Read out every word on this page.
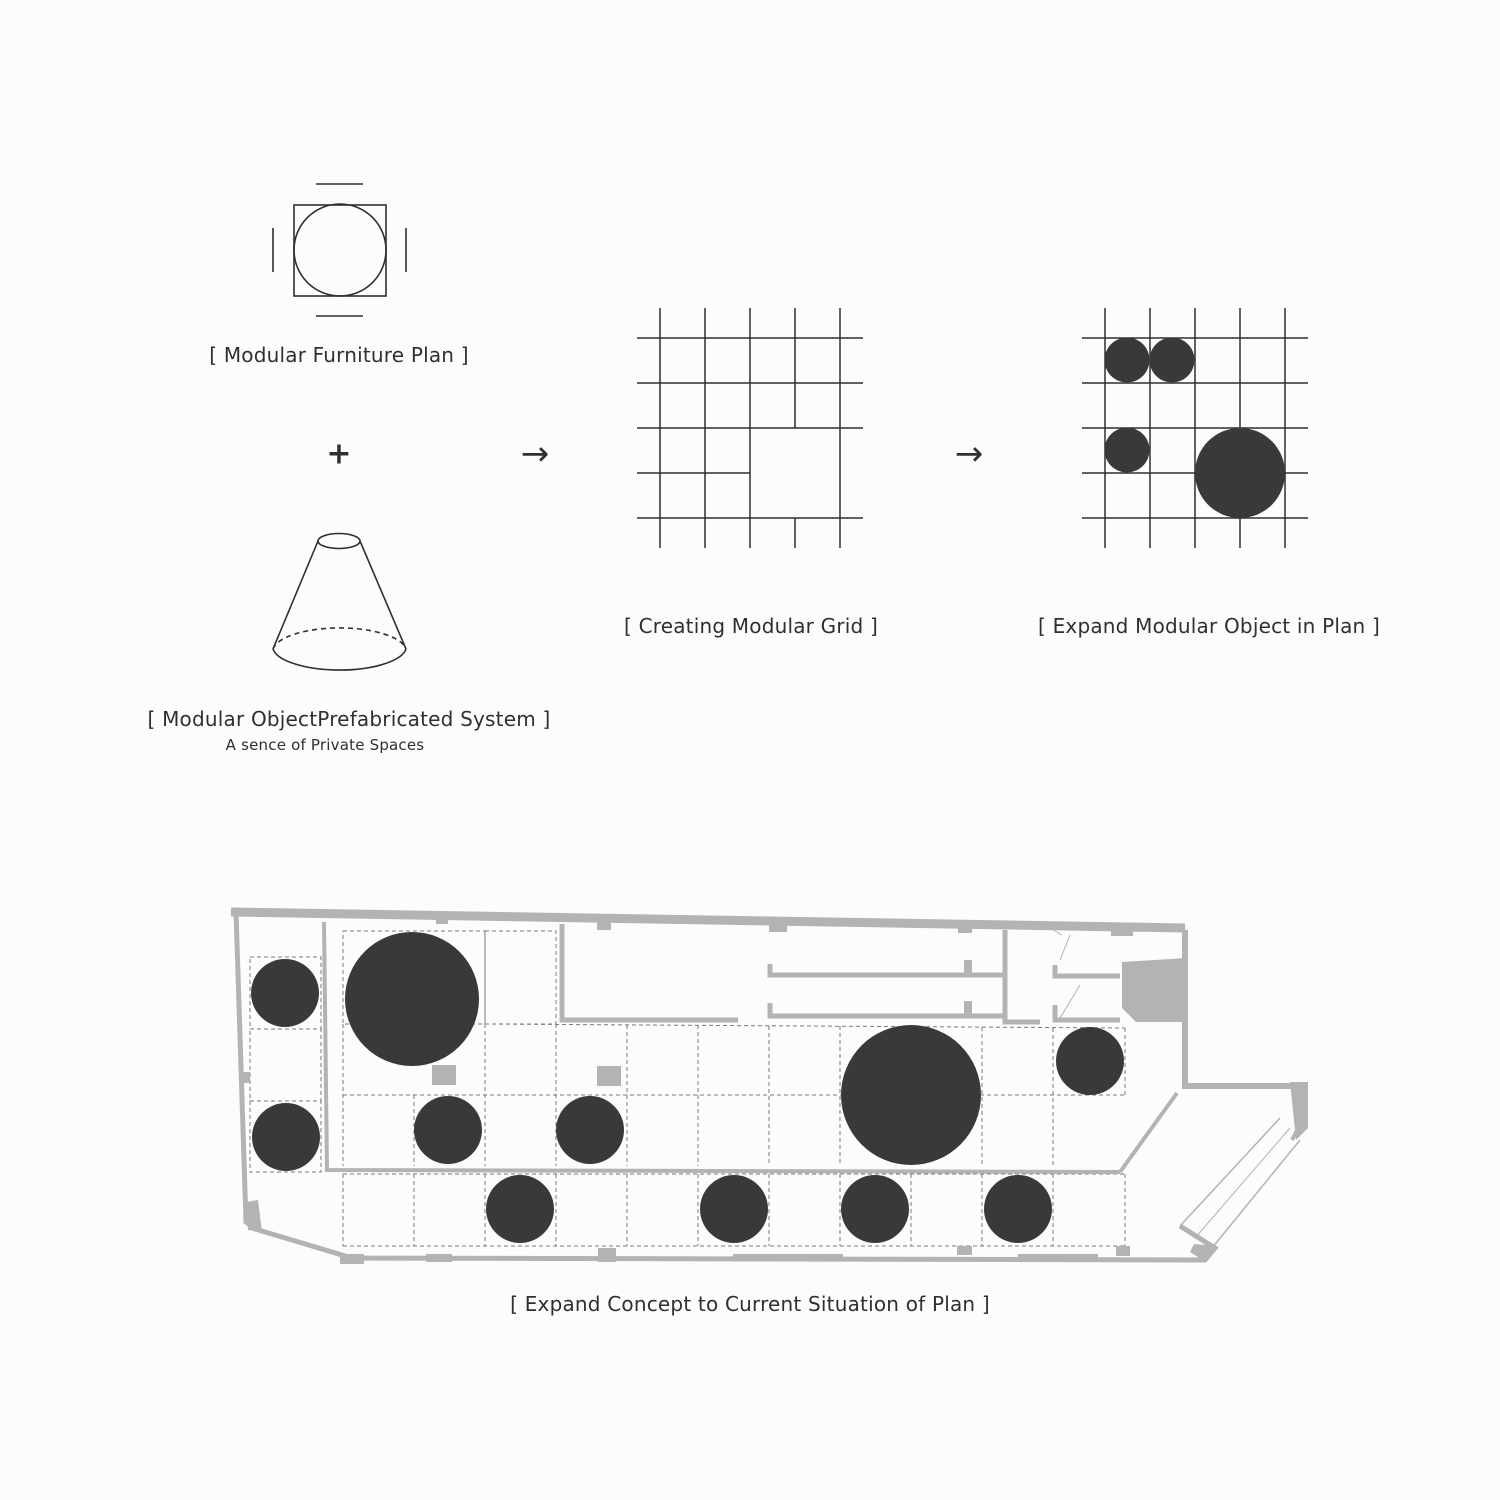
[ Modular Furniture Plan ]
+	→	→
[ Creating Modular Grid ]	[ Expand Modular Object in Plan ]
[ Modular ObjectPrefabricated System ]
A sence of Private Spaces
[ Expand Concept to Current Situation of Plan ]
